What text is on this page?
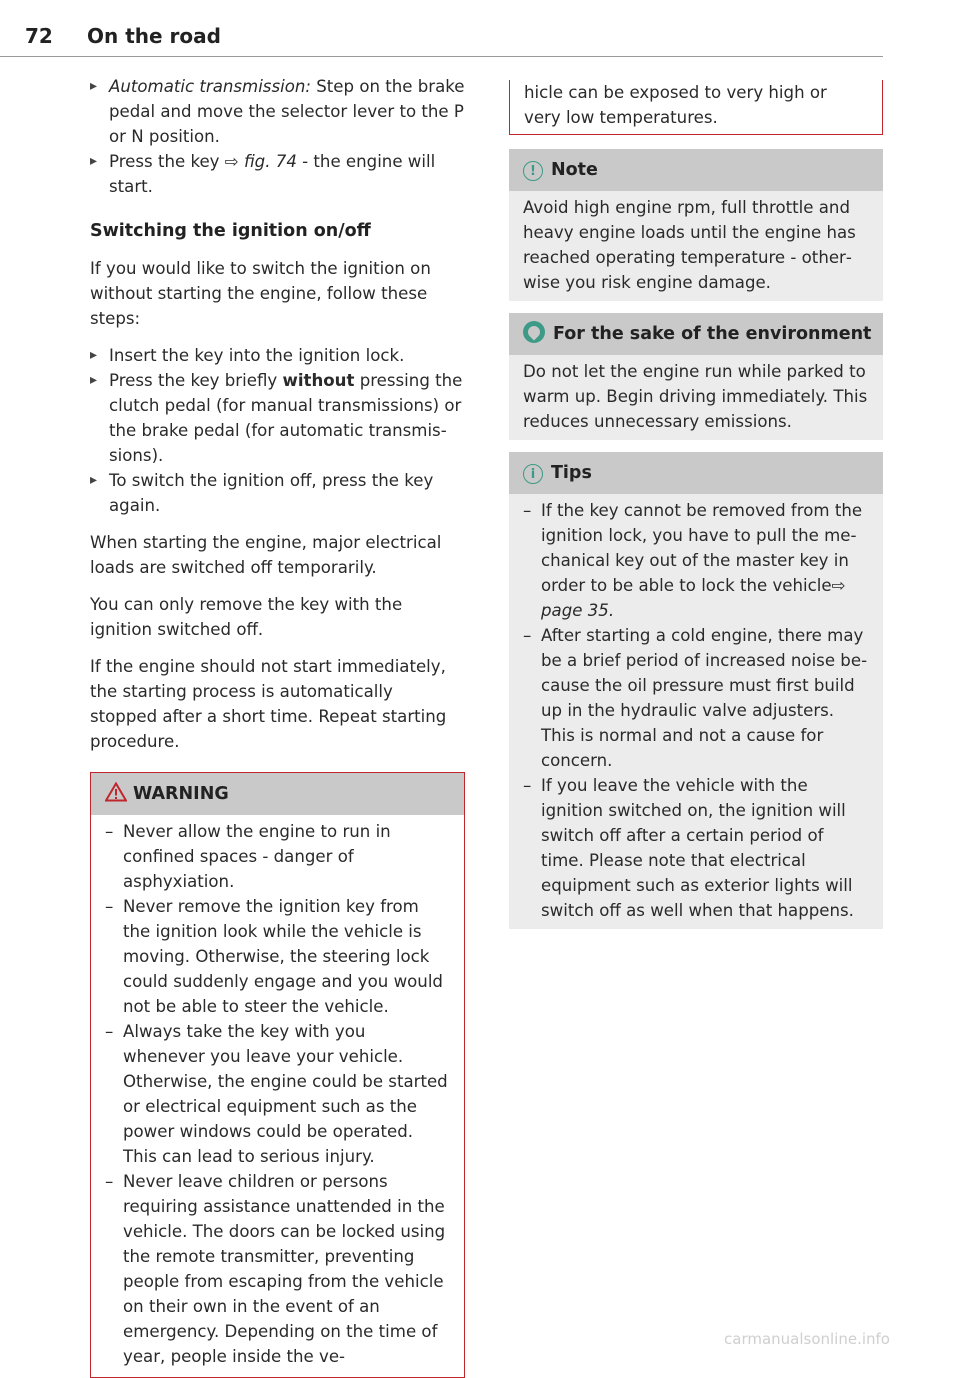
72 On the road
▸ Automatic transmission: Step on the brake pedal and move the selector lever to the P or N position.
▸ Press the key ⇨ fig. 74 - the engine will start.
Switching the ignition on/off

If you would like to switch the ignition on without starting the engine, follow these steps:

▸ Insert the key into the ignition lock.
▸ Press the key briefly without pressing the clutch pedal (for manual transmissions) or the brake pedal (for automatic transmissions).
▸ To switch the ignition off, press the key again.

When starting the engine, major electrical loads are switched off temporarily.

You can only remove the key with the ignition switched off.

If the engine should not start immediately, the starting process is automatically stopped after a short time. Repeat starting procedure.

WARNING
– Never allow the engine to run in confined spaces - danger of asphyxiation.
– Never remove the ignition key from the ignition look while the vehicle is moving. Otherwise, the steering lock could suddenly engage and you would not be able to steer the vehicle.
– Always take the key with you whenever you leave your vehicle. Otherwise, the engine could be started or electrical equipment such as the power windows could be operated. This can lead to serious injury.
– Never leave children or persons requiring assistance unattended in the vehicle. The doors can be locked using the remote transmitter, preventing people from escaping from the vehicle on their own in the event of an emergency. Depending on the time of year, people inside the ve-

hicle can be exposed to very high or very low temperatures.

! Note
Avoid high engine rpm, full throttle and heavy engine loads until the engine has reached operating temperature - otherwise you risk engine damage.
For the sake of the environment
Do not let the engine run while parked to warm up. Begin driving immediately. This reduces unnecessary emissions.
i Tips
– If the key cannot be removed from the ignition lock, you have to pull the mechanical key out of the master key in order to be able to lock the vehicle⇨ page 35.
– After starting a cold engine, there may be a brief period of increased noise because the oil pressure must first build up in the hydraulic valve adjusters. This is normal and not a cause for concern.
– If you leave the vehicle with the ignition switched on, the ignition will switch off after a certain period of time. Please note that electrical equipment such as exterior lights will switch off as well when that happens.
carmanualsonline.info
